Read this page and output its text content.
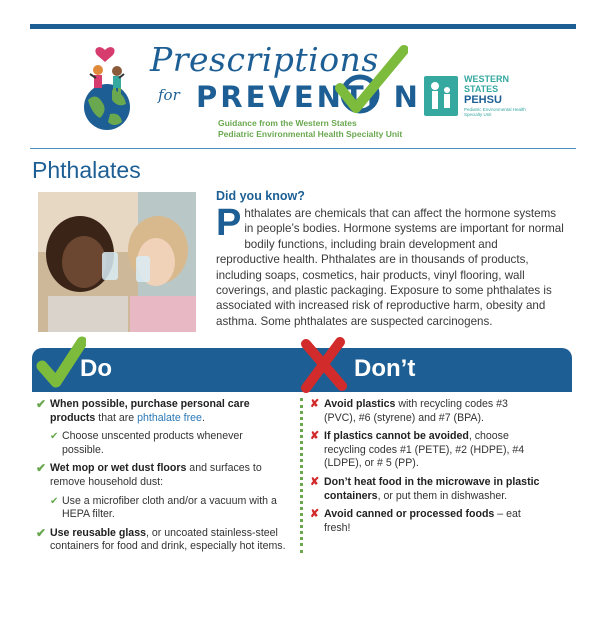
Prescriptions
for PREVENTI N
Guidance from the Western States
Pediatric Environmental Health Specialty Unit
WESTERN
STATES
PEHSU
Pediatric Environmental Health Specialty Unit
Phthalates
Did you know?
Phthalates are chemicals that can affect the hormone systems in people’s bodies. Hormone systems are important for normal bodily functions, including brain development and reproductive health. Phthalates are in thousands of products, including soaps, cosmetics, hair products, vinyl flooring, wall coverings, and plastic packaging. Exposure to some phthalates is associated with increased risk of reproductive harm, obesity and asthma. Some phthalates are suspected carcinogens.
Do	Don’t
✔ When possible, purchase personal care products that are phthalate free.
✔ Choose unscented products whenever possible.
✔ Wet mop or wet dust floors and surfaces to remove household dust:
✔ Use a microfiber cloth and/or a vacuum with a HEPA filter.
✔ Use reusable glass, or uncoated stainless-steel containers for food and drink, especially hot items.
✘ Avoid plastics with recycling codes #3 (PVC), #6 (styrene) and #7 (BPA).
✘ If plastics cannot be avoided, choose recycling codes #1 (PETE), #2 (HDPE), #4 (LDPE), or # 5 (PP).
✘ Don’t heat food in the microwave in plastic containers, or put them in dishwasher.
✘ Avoid canned or processed foods – eat fresh!
